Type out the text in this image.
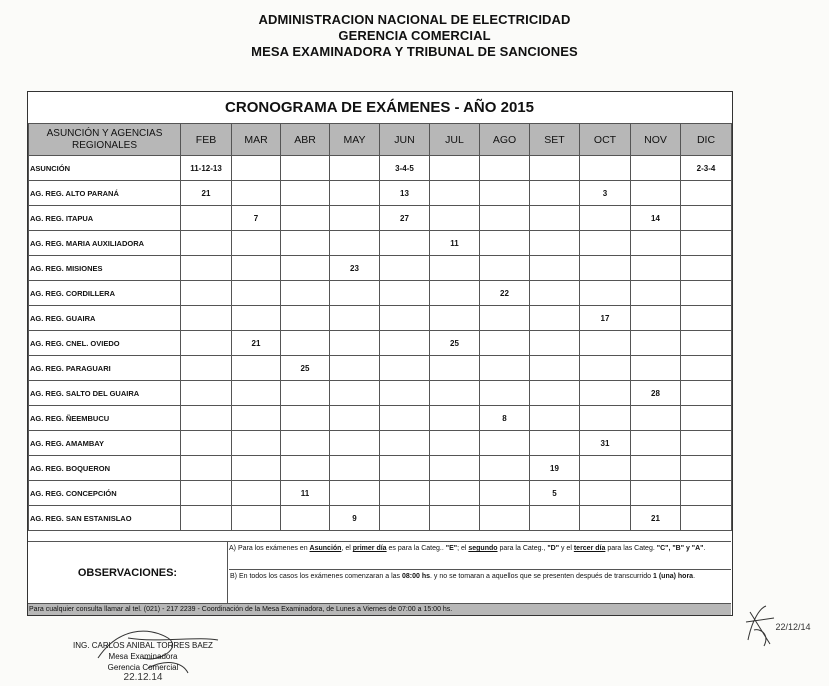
ADMINISTRACION NACIONAL DE ELECTRICIDAD
GERENCIA COMERCIAL
MESA EXAMINADORA Y TRIBUNAL DE SANCIONES
CRONOGRAMA DE EXÁMENES - AÑO 2015
ASUNCIÓN Y AGENCIAS REGIONALES	FEB	MAR	ABR	MAY	JUN	JUL	AGO	SET	OCT	NOV	DIC
ASUNCIÓN	11-12-13				3-4-5						2-3-4
AG. REG. ALTO PARANÁ	21				13				3		
AG. REG. ITAPUA		7			27					14	
AG. REG. MARIA AUXILIADORA						11					
AG. REG. MISIONES				23							
AG. REG. CORDILLERA							22				
AG. REG. GUAIRA									17		
AG. REG. CNEL. OVIEDO		21				25					
AG. REG. PARAGUARI			25								
AG. REG. SALTO DEL GUAIRA										28	
AG. REG. ÑEEMBUCU							8				
AG. REG. AMAMBAY									31		
AG. REG. BOQUERON								19			
AG. REG. CONCEPCIÓN			11					5			
AG. REG. SAN ESTANISLAO				9						21	
OBSERVACIONES:
A) Para los exámenes en Asunción, el primer día es para la Categ.. "E"; el segundo para la Categ., "D" y el tercer día para las Categ. "C", "B" y "A".
B) En todos los casos los exámenes comenzaran a las 08:00 hs. y no se tomaran a aquellos que se presenten después de transcurrido 1 (una) hora.
Para cualquier consulta llamar al tel. (021) - 217 2239 - Coordinación de la Mesa Examinadora, de Lunes a Viernes de 07:00 a 15:00 hs.
ING. CARLOS ANIBAL TORRES BAEZ
Mesa Examinadora
Gerencia Comercial
22.12.14
22/12/14
